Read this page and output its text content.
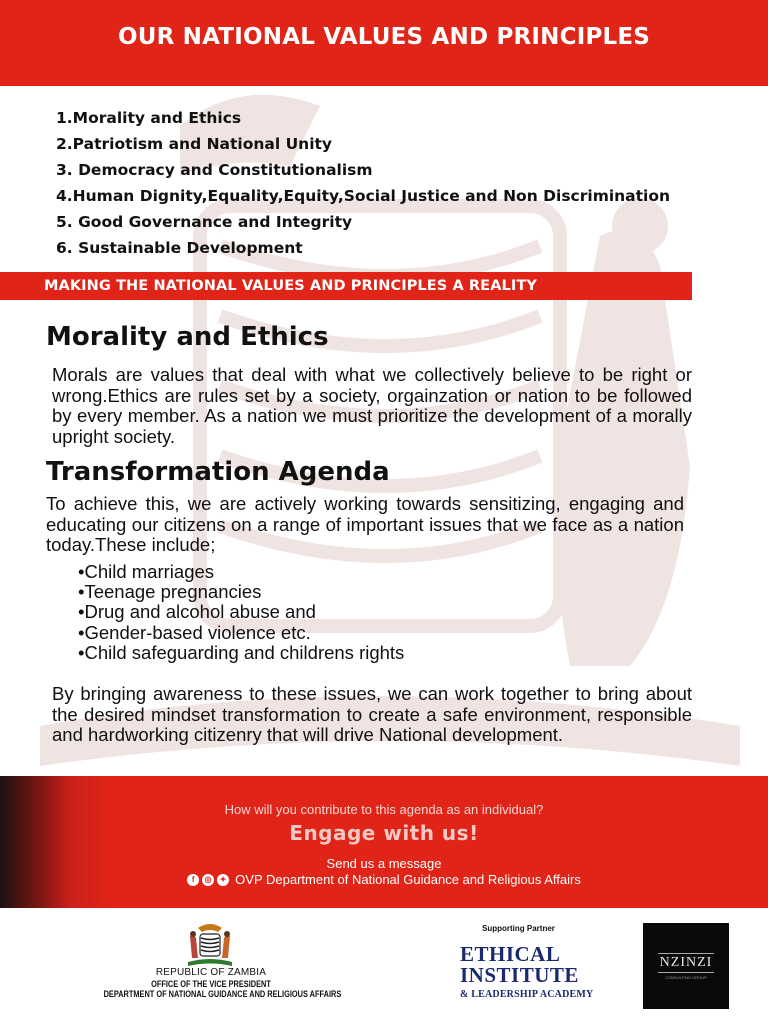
OUR NATIONAL VALUES AND PRINCIPLES
1.Morality and Ethics
2.Patriotism and National Unity
3. Democracy and Constitutionalism
4.Human Dignity,Equality,Equity,Social Justice and Non Discrimination
5. Good Governance and Integrity
6. Sustainable Development
MAKING THE NATIONAL VALUES AND PRINCIPLES A REALITY
Morality and Ethics

Morals are values that deal with what we collectively believe to be right or wrong.Ethics are rules set by a society, orgainzation or nation to be followed by every member. As a nation we must prioritize the development of a morally upright society.

Transformation Agenda

To achieve this, we are actively working towards sensitizing, engaging and educating our citizens on a range of important issues that we face as a nation today.These include;

•Child marriages
•Teenage pregnancies
•Drug and alcohol abuse and
•Gender-based violence etc.
•Child safeguarding and childrens rights

By bringing awareness to these issues, we can work together to bring about the desired mindset transformation to create a safe environment, responsible and hardworking citizenry that will drive National development.

How will you contribute to this agenda as an individual?
Engage with us!
Send us a message
f	◎	✦ OVP Department of National Guidance and Religious Affairs
REPUBLIC OF ZAMBIA
OFFICE OF THE VICE PRESIDENT
DEPARTMENT OF NATIONAL GUIDANCE AND RELIGIOUS AFFAIRS
Supporting Partner
ETHICAL
INSTITUTE
& LEADERSHIP ACADEMY
NZINZI
CONSULTING GROUP
